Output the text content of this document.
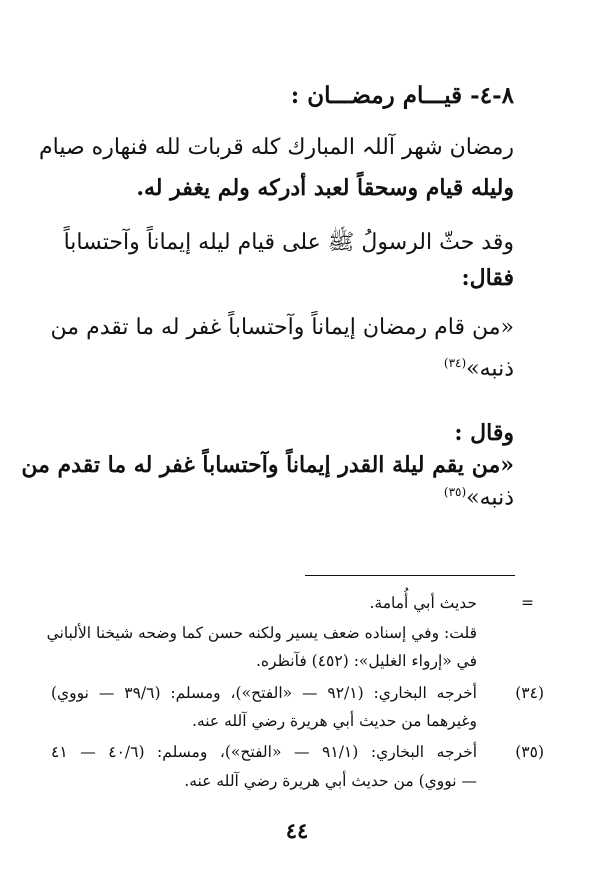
٨-٤- قيـــام رمضـــان :
رمضان شهر آللہ المبارك كله قربات لله فنهاره صيام
وليله قيام وسحقاً لعبد أدركه ولم يغفر له.
وقد حثّ الرسولُ ﷺ على قيام ليله إيماناً وآحتساباً
فقال:
«من قام رمضان إيماناً وآحتساباً غفر له ما تقدم من
ذنبه»$^{(٣٤)}$
وقال :
«من يقم ليلة القدر إيماناً وآحتساباً غفر له ما تقدم من
ذنبه»$^{(٣٥)}$
=
حديث أبي أُمامة.
قلت: وفي إسناده ضعف يسير ولكنه حسن كما وضحه شيخنا الألباني
في «إرواء الغليل»: (٤٥٢) فآنظره.
(٣٤)
أخرجه البخاري: (٩٢/١ — «الفتح»)، ومسلم: (٣٩/٦ — نووي)
وغيرهما من حديث أبي هريرة رضي آلله عنه.
(٣٥)
أخرجه البخاري: (٩١/١ — «الفتح»)، ومسلم: (٤٠/٦ — ٤١
— نووي) من حديث أبي هريرة رضي آلله عنه.
٤٤
